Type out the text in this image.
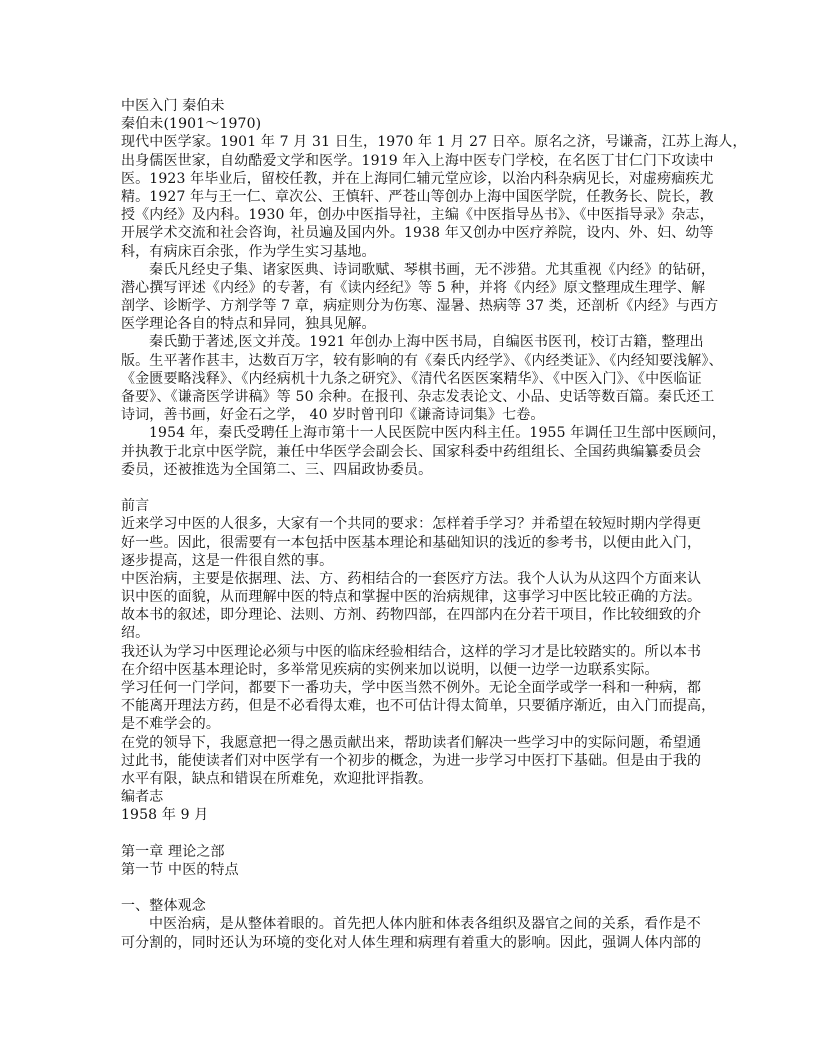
中医入门 秦伯未
秦伯未(1901～1970)
现代中医学家。1901 年 7 月 31 日生，1970 年 1 月 27 日卒。原名之济，号谦斋，江苏上海人，
出身儒医世家，自幼酷爱文学和医学。1919 年入上海中医专门学校，在名医丁甘仁门下攻读中
医。1923 年毕业后，留校任教，并在上海同仁辅元堂应诊，以治内科杂病见长，对虚痨痼疾尤
精。1927 年与王一仁、章次公、王慎轩、严苍山等创办上海中国医学院，任教务长、院长，教
授《内经》及内科。1930 年，创办中医指导社，主编《中医指导丛书》、《中医指导录》杂志，
开展学术交流和社会咨询，社员遍及国内外。1938 年又创办中医疗养院，设内、外、妇、幼等
科，有病床百余张，作为学生实习基地。
秦氏凡经史子集、诸家医典、诗词歌赋、琴棋书画，无不涉猎。尤其重视《内经》的钻研，
潜心撰写评述《内经》的专著，有《读内经纪》等 5 种，并将《内经》原文整理成生理学、解
剖学、诊断学、方剂学等 7 章，病症则分为伤寒、湿暑、热病等 37 类，还剖析《内经》与西方
医学理论各自的特点和异同，独具见解。
秦氏勤于著述,医文并茂。1921 年创办上海中医书局，自编医书医刊，校订古籍，整理出
版。生平著作甚丰，达数百万字，较有影响的有《秦氏内经学》、《内经类证》、《内经知要浅解》、
《金匮要略浅释》、《内经病机十九条之研究》、《清代名医医案精华》、《中医入门》、《中医临证
备要》、《谦斋医学讲稿》等 50 余种。在报刊、杂志发表论文、小品、史话等数百篇。秦氏还工
诗词，善书画，好金石之学， 40 岁时曾刊印《谦斋诗词集》七卷。
1954 年，秦氏受聘任上海市第十一人民医院中医内科主任。1955 年调任卫生部中医顾问，
并执教于北京中医学院，兼任中华医学会副会长、国家科委中药组组长、全国药典编纂委员会
委员，还被推选为全国第二、三、四届政协委员。
前言
近来学习中医的人很多，大家有一个共同的要求：怎样着手学习？并希望在较短时期内学得更
好一些。因此，很需要有一本包括中医基本理论和基础知识的浅近的参考书，以便由此入门，
逐步提高，这是一件很自然的事。
中医治病，主要是依据理、法、方、药相结合的一套医疗方法。我个人认为从这四个方面来认
识中医的面貌，从而理解中医的特点和掌握中医的治病规律，这事学习中医比较正确的方法。
故本书的叙述，即分理论、法则、方剂、药物四部，在四部内在分若干项目，作比较细致的介
绍。
我还认为学习中医理论必须与中医的临床经验相结合，这样的学习才是比较踏实的。所以本书
在介绍中医基本理论时，多举常见疾病的实例来加以说明，以便一边学一边联系实际。
学习任何一门学问，都要下一番功夫，学中医当然不例外。无论全面学或学一科和一种病，都
不能离开理法方药，但是不必看得太难，也不可估计得太简单，只要循序渐近，由入门而提高，
是不难学会的。
在党的领导下，我愿意把一得之愚贡献出来，帮助读者们解决一些学习中的实际问题，希望通
过此书，能使读者们对中医学有一个初步的概念，为进一步学习中医打下基础。但是由于我的
水平有限，缺点和错误在所难免，欢迎批评指教。
编者志
1958 年 9 月
第一章 理论之部
第一节 中医的特点
一、整体观念
中医治病，是从整体着眼的。首先把人体内脏和体表各组织及器官之间的关系，看作是不
可分割的，同时还认为环境的变化对人体生理和病理有着重大的影响。因此，强调人体内部的
